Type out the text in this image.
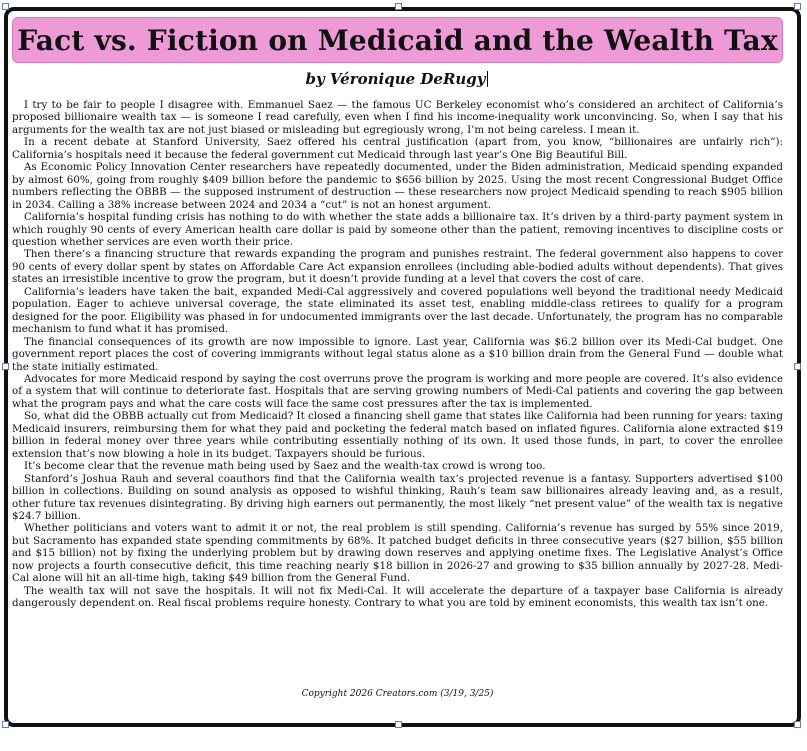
Fact vs. Fiction on Medicaid and the Wealth Tax
by Véronique DeRugy

I try to be fair to people I disagree with. Emmanuel Saez — the famous UC Berkeley economist who’s considered an architect of California’s proposed billionaire wealth tax — is someone I read carefully, even when I find his income-inequality work unconvincing. So, when I say that his arguments for the wealth tax are not just biased or misleading but egregiously wrong, I’m not being careless. I mean it.

In a recent debate at Stanford University, Saez offered his central justification (apart from, you know, “billionaires are unfairly rich”): California’s hospitals need it because the federal government cut Medicaid through last year’s One Big Beautiful Bill.

As Economic Policy Innovation Center researchers have repeatedly documented, under the Biden administration, Medicaid spending expanded by almost 60%, going from roughly $409 billion before the pandemic to $656 billion by 2025. Using the most recent Congressional Budget Office numbers reflecting the OBBB — the supposed instrument of destruction — these researchers now project Medicaid spending to reach $905 billion in 2034. Calling a 38% increase between 2024 and 2034 a “cut” is not an honest argument.

California’s hospital funding crisis has nothing to do with whether the state adds a billionaire tax. It’s driven by a third-party payment system in which roughly 90 cents of every American health care dollar is paid by someone other than the patient, removing incentives to discipline costs or question whether services are even worth their price.

Then there’s a financing structure that rewards expanding the program and punishes restraint. The federal government also happens to cover 90 cents of every dollar spent by states on Affordable Care Act expansion enrollees (including able-bodied adults without dependents). That gives states an irresistible incentive to grow the program, but it doesn’t provide funding at a level that covers the cost of care.

California’s leaders have taken the bait, expanded Medi-Cal aggressively and covered populations well beyond the traditional needy Medicaid population. Eager to achieve universal coverage, the state eliminated its asset test, enabling middle-class retirees to qualify for a program designed for the poor. Eligibility was phased in for undocumented immigrants over the last decade. Unfortunately, the program has no comparable mechanism to fund what it has promised.

The financial consequences of its growth are now impossible to ignore. Last year, California was $6.2 billion over its Medi-Cal budget. One government report places the cost of covering immigrants without legal status alone as a $10 billion drain from the General Fund — double what the state initially estimated.

Advocates for more Medicaid respond by saying the cost overruns prove the program is working and more people are covered. It’s also evidence of a system that will continue to deteriorate fast. Hospitals that are serving growing numbers of Medi-Cal patients and covering the gap between what the program pays and what the care costs will face the same cost pressures after the tax is implemented.

So, what did the OBBB actually cut from Medicaid? It closed a financing shell game that states like California had been running for years: taxing Medicaid insurers, reimbursing them for what they paid and pocketing the federal match based on inflated figures. California alone extracted $19 billion in federal money over three years while contributing essentially nothing of its own. It used those funds, in part, to cover the enrollee extension that’s now blowing a hole in its budget. Taxpayers should be furious.

It’s become clear that the revenue math being used by Saez and the wealth-tax crowd is wrong too.

Stanford’s Joshua Rauh and several coauthors find that the California wealth tax’s projected revenue is a fantasy. Supporters advertised $100 billion in collections. Building on sound analysis as opposed to wishful thinking, Rauh’s team saw billionaires already leaving and, as a result, other future tax revenues disintegrating. By driving high earners out permanently, the most likely “net present value” of the wealth tax is negative $24.7 billion.

Whether politicians and voters want to admit it or not, the real problem is still spending. California’s revenue has surged by 55% since 2019, but Sacramento has expanded state spending commitments by 68%. It patched budget deficits in three consecutive years ($27 billion, $55 billion and $15 billion) not by fixing the underlying problem but by drawing down reserves and applying onetime fixes. The Legislative Analyst’s Office now projects a fourth consecutive deficit, this time reaching nearly $18 billion in 2026-27 and growing to $35 billion annually by 2027-28. Medi-Cal alone will hit an all-time high, taking $49 billion from the General Fund.

The wealth tax will not save the hospitals. It will not fix Medi-Cal. It will accelerate the departure of a taxpayer base California is already dangerously dependent on. Real fiscal problems require honesty. Contrary to what you are told by eminent economists, this wealth tax isn’t one.

Copyright 2026 Creators.com (3/19, 3/25)
